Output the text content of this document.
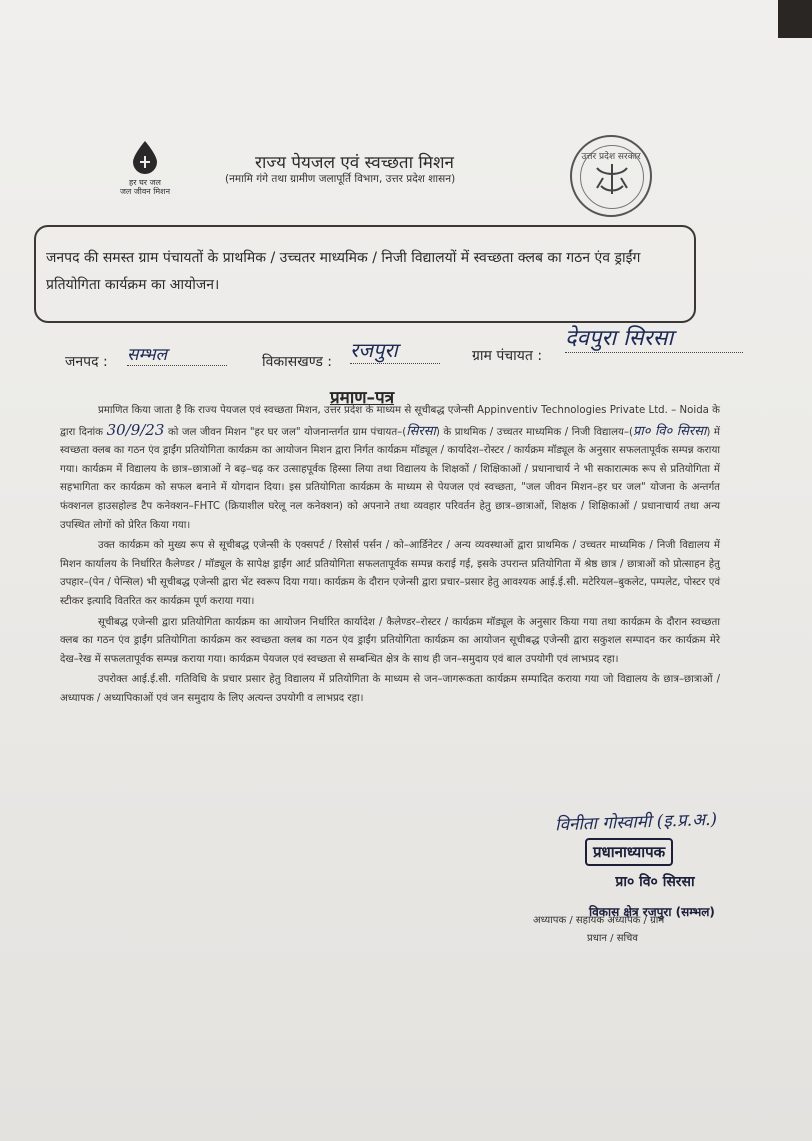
हर घर जल
जल जीवन मिशन
राज्य पेयजल एवं स्वच्छता मिशन
(नमामि गंगे तथा ग्रामीण जलापूर्ति विभाग, उत्तर प्रदेश शासन)
उत्तर प्रदेश सरकार
जनपद की समस्त ग्राम पंचायतों के प्राथमिक / उच्चतर माध्यमिक / निजी विद्यालयों में स्वच्छता क्लब का गठन एंव ड्राईंग प्रतियोगिता कार्यक्रम का आयोजन।
जनपद : सम्भल	विकासखण्ड : रजपुरा	ग्राम पंचायत :
देवपुरा सिरसा
प्रमाण–पत्र

प्रमाणित किया जाता है कि राज्य पेयजल एवं स्वच्छता मिशन, उत्तर प्रदेश के माध्यम से सूचीबद्ध एजेन्सी Appinventiv Technologies Private Ltd. – Noida के द्वारा दिनांक 30/9/23 को जल जीवन मिशन "हर घर जल" योजनान्तर्गत ग्राम पंचायत–(सिरसा) के प्राथमिक / उच्चतर माध्यमिक / निजी विद्यालय–(प्रा० वि० सिरसा) में स्वच्छता क्लब का गठन एंव ड्राईंग प्रतियोगिता कार्यक्रम का आयोजन मिशन द्वारा निर्गत कार्यक्रम मॉड्यूल / कार्यादेश–रोस्टर / कार्यक्रम मॉड्यूल के अनुसार सफलतापूर्वक सम्पन्न कराया गया। कार्यक्रम में विद्यालय के छात्र–छात्राओं ने बढ़–चढ़ कर उत्साहपूर्वक हिस्सा लिया तथा विद्यालय के शिक्षकों / शिक्षिकाओं / प्रधानाचार्य ने भी सकारात्मक रूप से प्रतियोगिता में सहभागिता कर कार्यक्रम को सफल बनाने में योगदान दिया। इस प्रतियोगिता कार्यक्रम के माध्यम से पेयजल एवं स्वच्छता, "जल जीवन मिशन–हर घर जल" योजना के अन्तर्गत फंक्शनल हाउसहोल्ड टैप कनेक्शन–FHTC (क्रियाशील घरेलू नल कनेक्शन) को अपनाने तथा व्यवहार परिवर्तन हेतु छात्र–छात्राओं, शिक्षक / शिक्षिकाओं / प्रधानाचार्य तथा अन्य उपस्थित लोगों को प्रेरित किया गया।

उक्त कार्यक्रम को मुख्य रूप से सूचीबद्ध एजेन्सी के एक्सपर्ट / रिसोर्स पर्सन / को–आर्डिनेटर / अन्य व्यवस्थाओं द्वारा प्राथमिक / उच्चतर माध्यमिक / निजी विद्यालय में मिशन कार्यालय के निर्धारित कैलेण्डर / मॉड्यूल के सापेक्ष ड्राईंग आर्ट प्रतियोगिता सफलतापूर्वक सम्पन्न कराई गई, इसके उपरान्त प्रतियोगिता में श्रेष्ठ छात्र / छात्राओं को प्रोत्साहन हेतु उपहार–(पेन / पेन्सिल) भी सूचीबद्ध एजेन्सी द्वारा भेंट स्वरूप दिया गया। कार्यक्रम के दौरान एजेन्सी द्वारा प्रचार–प्रसार हेतु आवश्यक आई.ई.सी. मटेरियल–बुकलेट, पम्पलेट, पोस्टर एवं स्टीकर इत्यादि वितरित कर कार्यक्रम पूर्ण कराया गया।

सूचीबद्ध एजेन्सी द्वारा प्रतियोगिता कार्यक्रम का आयोजन निर्धारित कार्यादेश / कैलेण्डर–रोस्टर / कार्यक्रम मॉड्यूल के अनुसार किया गया तथा कार्यक्रम के दौरान स्वच्छता क्लब का गठन एंव ड्राईंग प्रतियोगिता कार्यक्रम कर स्वच्छता क्लब का गठन एंव ड्राईंग प्रतियोगिता कार्यक्रम का आयोजन सूचीबद्ध एजेन्सी द्वारा सकुशल सम्पादन कर कार्यक्रम मेरे देख–रेख में सफलतापूर्वक सम्पन्न कराया गया। कार्यक्रम पेयजल एवं स्वच्छता से सम्बन्धित क्षेत्र के साथ ही जन–समुदाय एवं बाल उपयोगी एवं लाभप्रद रहा।

उपरोक्त आई.ई.सी. गतिविधि के प्रचार प्रसार हेतु विद्यालय में प्रतियोगिता के माध्यम से जन–जागरूकता कार्यक्रम सम्पादित कराया गया जो विद्यालय के छात्र–छात्राओं / अध्यापक / अध्यापिकाओं एवं जन समुदाय के लिए अत्यन्त उपयोगी व लाभप्रद रहा।

विनीता गोस्वामी (इ.प्र.अ.)
प्रधानाध्यापक
प्रा० वि० सिरसा
विकास क्षेत्र रजपुरा (सम्भल)
अध्यापक / सहायक अध्यापक / ग्राम
प्रधान / सचिव
